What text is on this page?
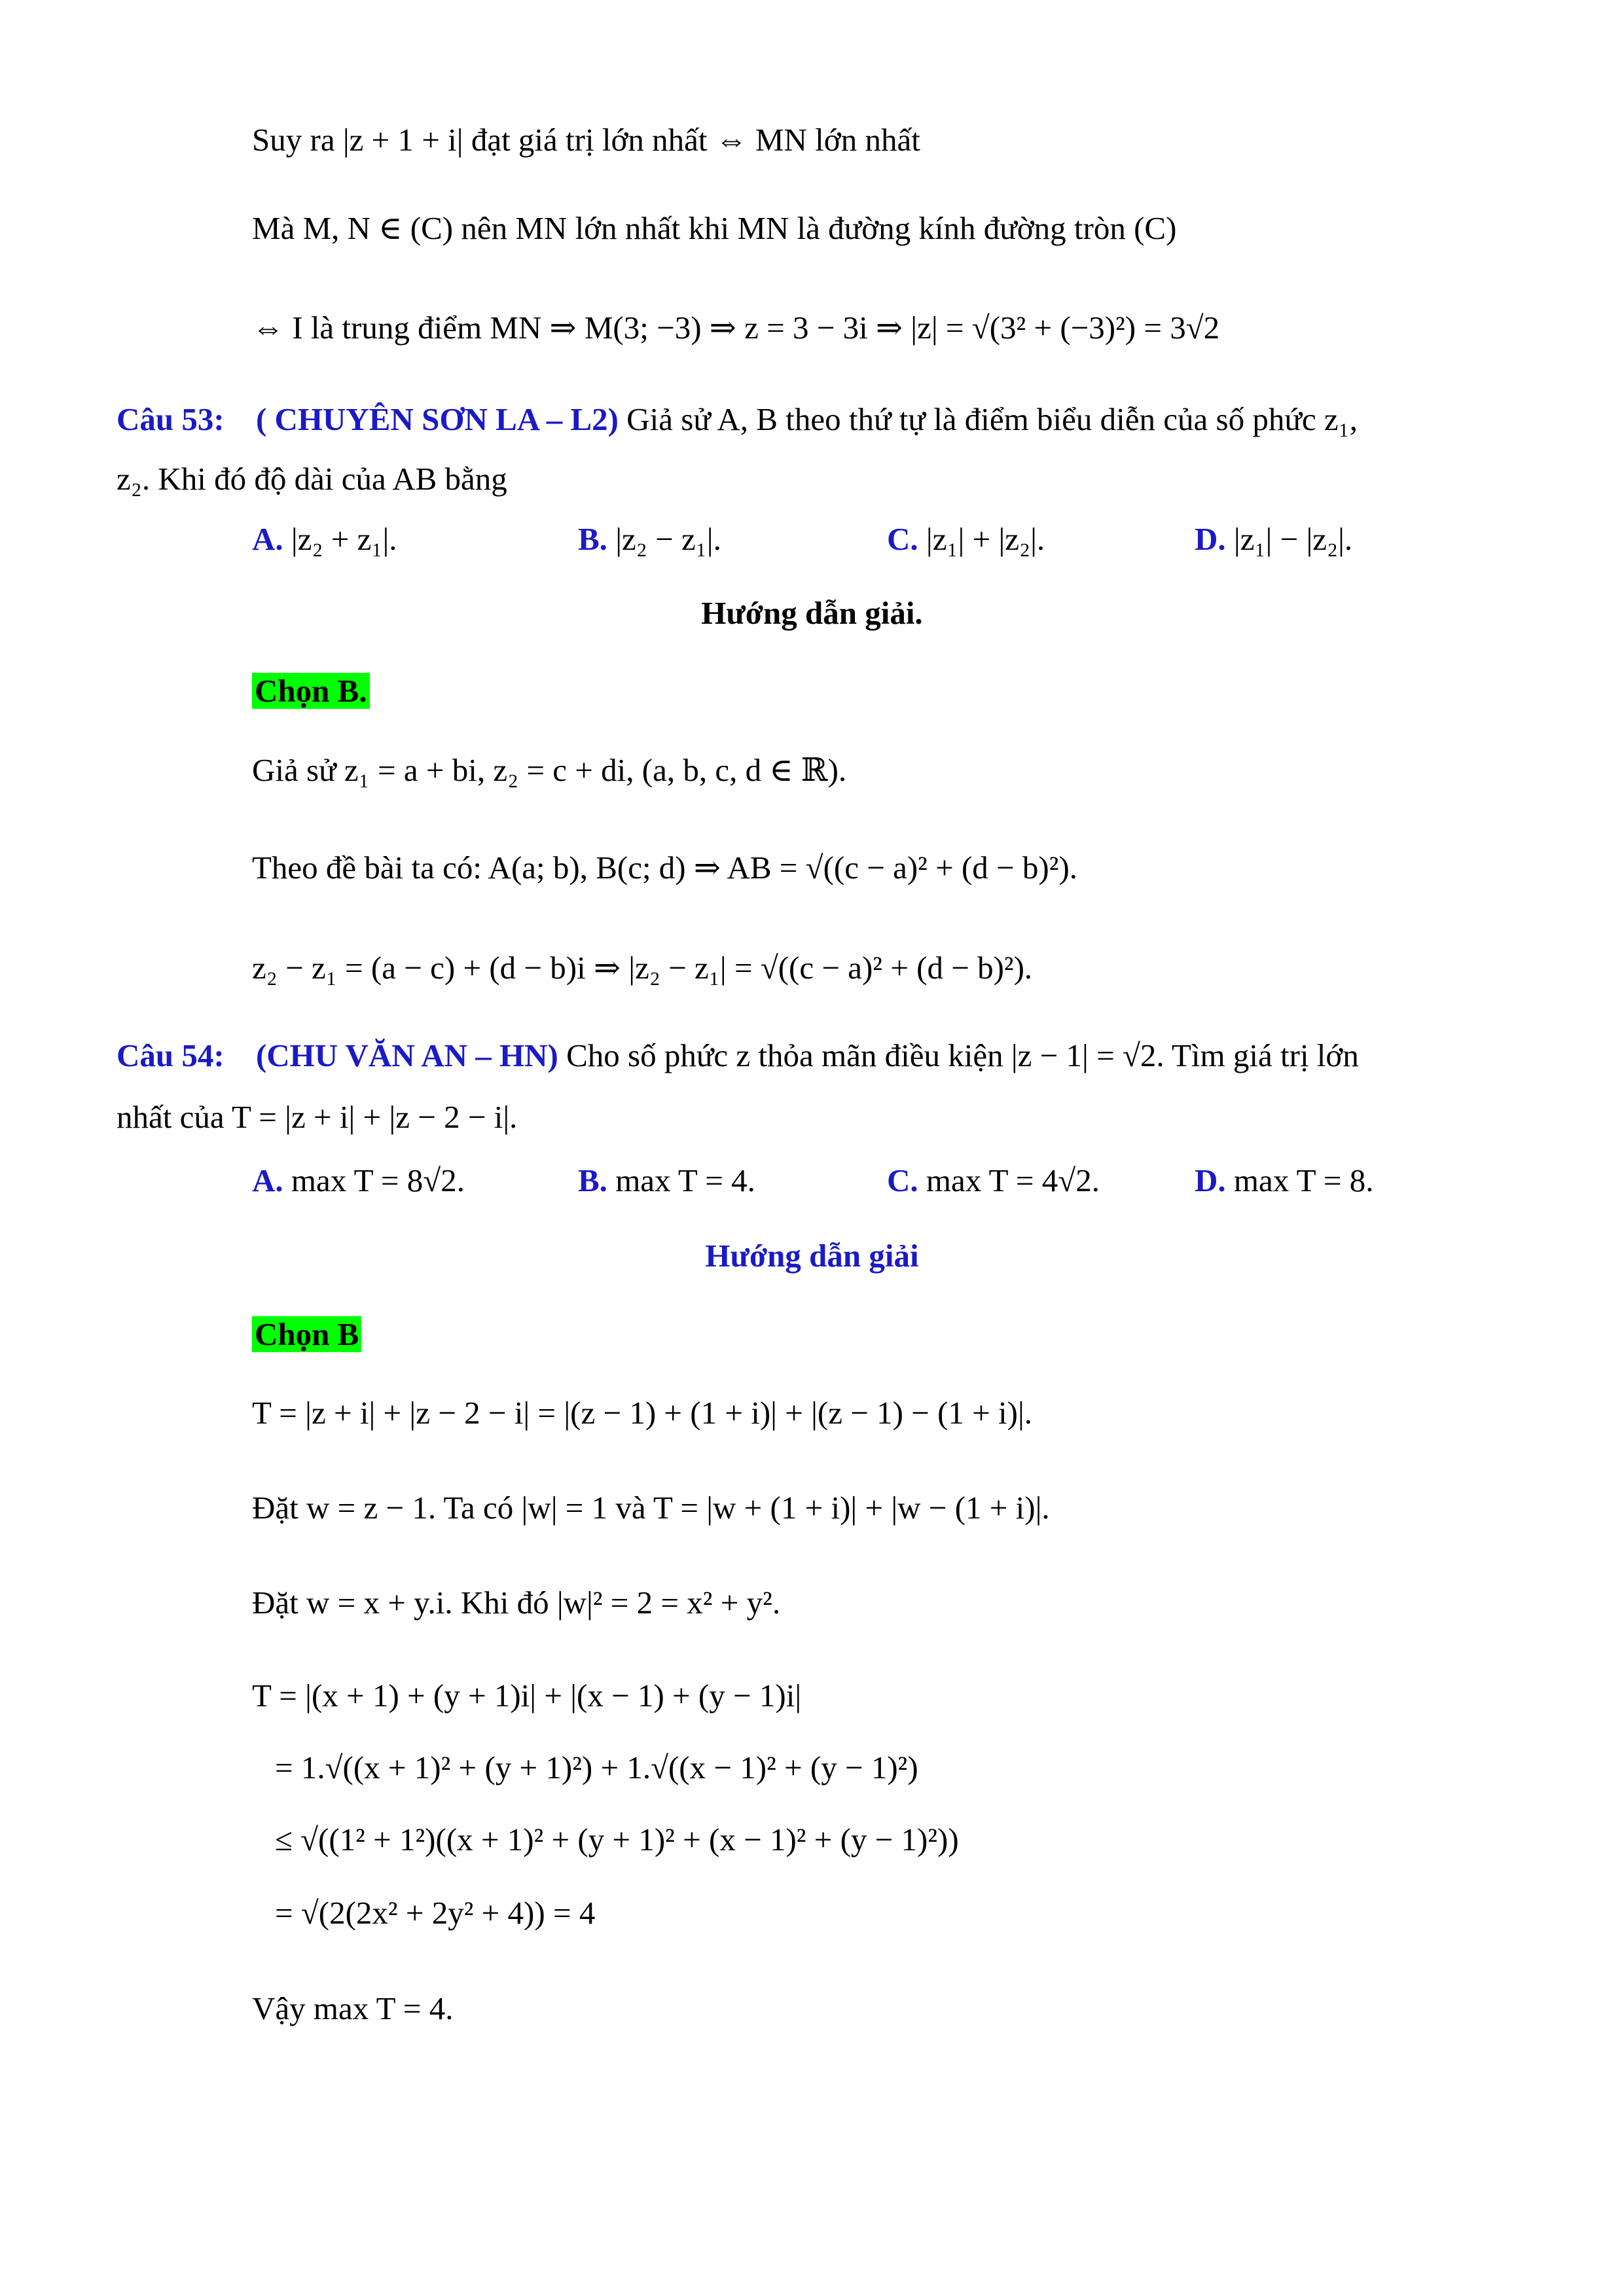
Suy ra |z + 1 + i| đạt giá trị lớn nhất ⇔ MN lớn nhất
Mà M, N ∈ (C) nên MN lớn nhất khi MN là đường kính đường tròn (C)
⇔ I là trung điểm MN ⇒ M(3; −3) ⇒ z = 3 − 3i ⇒ |z| = √(3² + (−3)²) = 3√2
Câu 53: ( CHUYÊN SƠN LA – L2) Giả sử A, B theo thứ tự là điểm biểu diễn của số phức z₁,
z₂. Khi đó độ dài của AB bằng
A. |z₂ + z₁|.	B. |z₂ − z₁|.	C. |z₁| + |z₂|.	D. |z₁| − |z₂|.
Hướng dẫn giải.
Chọn B.
Giả sử z₁ = a + bi, z₂ = c + di, (a, b, c, d ∈ ℝ).
Theo đề bài ta có: A(a; b), B(c; d) ⇒ AB = √((c − a)² + (d − b)²).
z₂ − z₁ = (a − c) + (d − b)i ⇒ |z₂ − z₁| = √((c − a)² + (d − b)²).
Câu 54: (CHU VĂN AN – HN) Cho số phức z thỏa mãn điều kiện |z − 1| = √2. Tìm giá trị lớn
nhất của T = |z + i| + |z − 2 − i|.
A. max T = 8√2.	B. max T = 4.	C. max T = 4√2.	D. max T = 8.
Hướng dẫn giải
Chọn B
T = |z + i| + |z − 2 − i| = |(z − 1) + (1 + i)| + |(z − 1) − (1 + i)|.
Đặt w = z − 1. Ta có |w| = 1 và T = |w + (1 + i)| + |w − (1 + i)|.
Đặt w = x + y.i. Khi đó |w|² = 2 = x² + y².
T = |(x + 1) + (y + 1)i| + |(x − 1) + (y − 1)i|
= 1.√((x + 1)² + (y + 1)²) + 1.√((x − 1)² + (y − 1)²)
≤ √((1² + 1²)((x + 1)² + (y + 1)² + (x − 1)² + (y − 1)²))
= √(2(2x² + 2y² + 4)) = 4
Vậy max T = 4.
